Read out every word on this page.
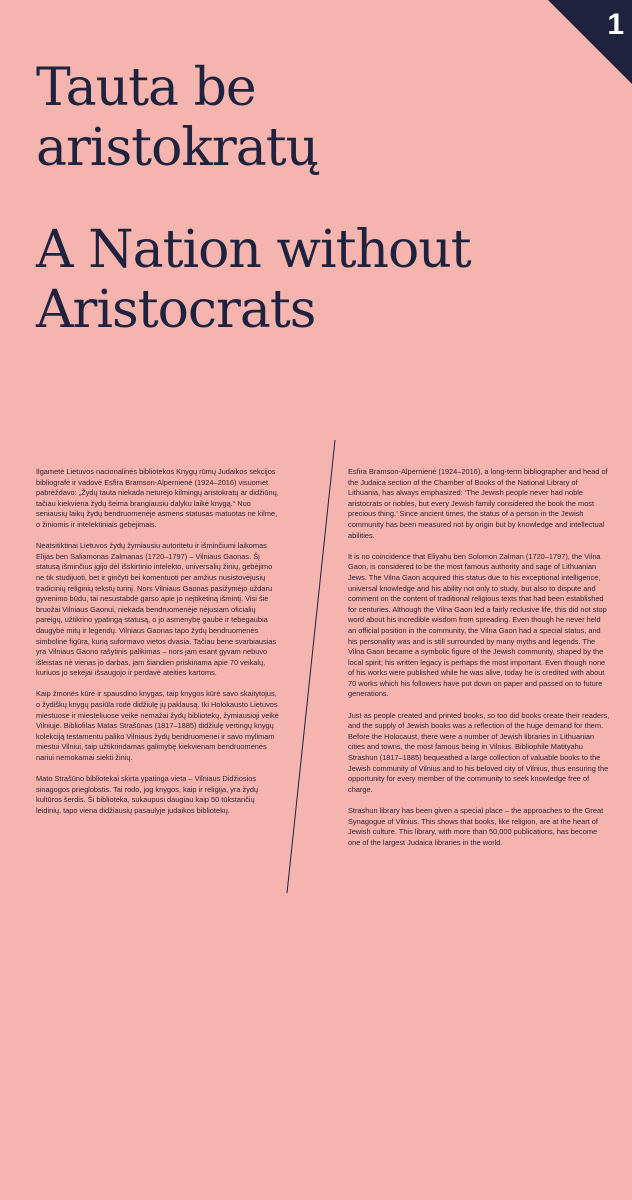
1
Tauta be aristokratų
A Nation without Aristocrats

Ilgametė Lietuvos nacionalinės bibliotekos Knygų rūmų Judaikos sekcijos bibliografė ir vadovė Esfira Bramson-Alpernienė (1924–2016) visuomet pabrėždavo: „Žydų tauta niekada neturėjo kilmingų aristokratų ar didžiūnų, tačiau kiekviena žydų šeima brangiausiu dalyku laikė knygą.“ Nuo seniausių laikų žydų bendruomenėje asmens statusas matuotas ne kilme, o žiniomis ir intelektiniais gebėjimais.

Neatsitiktinai Lietuvos žydų žymiausiu autoritetu ir išminčiumi laikomas Elijas ben Saliamonas Zalmanas (1720–1797) – Vilniaus Gaonas. Šį statusą išminčius įgijo dėl išskirtinio intelekto, universalių žinių, gebėjimo ne tik studijuoti, bet ir ginčyti bei komentuoti per amžius nusistovėjusių tradicinių religinių tekstų turinį. Nors Vilniaus Gaonas pasižymėjo uždaru gyvenimo būdu, tai nesustabdė garso apie jo neįtikėtiną išmintį. Visi šie bruožai Vilniaus Gaonui, niekada bendruomenėje nėjusiam oficialių pareigų, užtikrino ypatingą statusą, o jo asmenybę gaubė ir tebegaubia daugybė mitų ir legendų. Vilniaus Gaonas tapo žydų bendruomenės simboline figūra, kurią suformavo vietos dvasia. Tačiau bene svarbiausias yra Vilniaus Gaono rašytinis palikimas – nors jam esant gyvam nebuvo išleistas nė vienas jo darbas, jam šiandien priskiriama apie 70 veikalų, kuriuos jo sekėjai išsaugojo ir perdavė ateities kartoms.

Kaip žmonės kūrė ir spausdino knygas, taip knygos kūrė savo skaitytojus, o žydiškų knygų pasiūla rodė didžiulę jų paklausą. Iki Holokausto Lietuvos miestuose ir miesteliuose veikė nemažai žydų bibliotekų, žymiausioji veikė Vilniuje. Bibliofilas Matas Strašūnas (1817–1885) didžiulę vertingų knygų kolekciją testamentu paliko Vilniaus žydų bendruomenei ir savo mylimam miestui Vilniui, taip užtikrindamas galimybę kiekvienam bendruomenės nariui nemokamai siekti žinių.

Mato Strašūno bibliotekai skirta ypatinga vieta – Vilniaus Didžiosios sinagogos prieglobstis. Tai rodo, jog knygos, kaip ir religija, yra žydų kultūros šerdis. Ši biblioteka, sukaupusi daugiau kaip 50 tūkstančių leidinių, tapo viena didžiausių pasaulyje judaikos bibliotekų.

Esfira Bramson-Alpernienė (1924–2016), a long-term bibliographer and head of the Judaica section of the Chamber of Books of the National Library of Lithuania, has always emphasized: ‘The Jewish people never had noble aristocrats or nobles, but every Jewish family considered the book the most precious thing.’ Since ancient times, the status of a person in the Jewish community has been measured not by origin but by knowledge and intellectual abilities.

It is no coincidence that Eliyahu ben Solomon Zalman (1720–1797), the Vilna Gaon, is considered to be the most famous authority and sage of Lithuanian Jews. The Vilna Gaon acquired this status due to his exceptional intelligence, universal knowledge and his ability not only to study, but also to dispute and comment on the content of traditional religious texts that had been established for centuries. Although the Vilna Gaon led a fairly reclusive life, this did not stop word about his incredible wisdom from spreading. Even though he never held an official position in the community, the Vilna Gaon had a special status, and his personality was and is still surrounded by many myths and legends. The Vilna Gaon became a symbolic figure of the Jewish community, shaped by the local spirit; his written legacy is perhaps the most important. Even though none of his works were published while he was alive, today he is credited with about 70 works which his followers have put down on paper and passed on to future generations.

Just as people created and printed books, so too did books create their readers, and the supply of Jewish books was a reflection of the huge demand for them. Before the Holocaust, there were a number of Jewish libraries in Lithuanian cities and towns, the most famous being in Vilnius. Bibliophile Matityahu Strashun (1817–1885) bequeathed a large collection of valuable books to the Jewish community of Vilnius and to his beloved city of Vilnius, thus ensuring the opportunity for every member of the community to seek knowledge free of charge.

Strashun library has been given a special place – the approaches to the Great Synagogue of Vilnius. This shows that books, like religion, are at the heart of Jewish culture. This library, with more than 50,000 publications, has become one of the largest Judaica libraries in the world.
